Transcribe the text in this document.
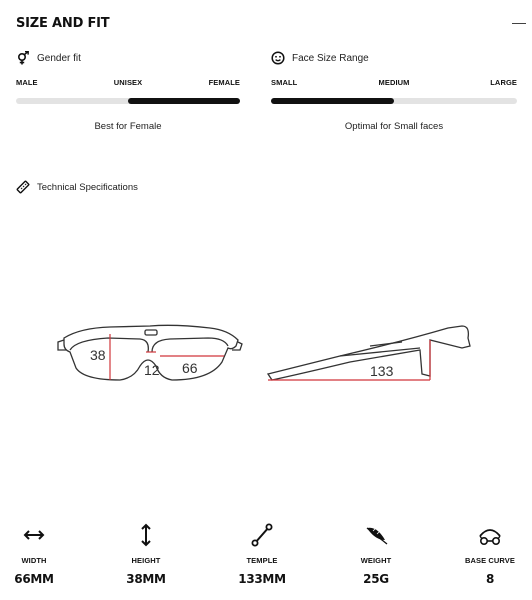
SIZE AND FIT	—
Gender fit
MALE	UNISEX	FEMALE
Best for Female
Face Size Range
SMALL	MEDIUM	LARGE
Optimal for Small faces
Technical Specifications
38
12 66	133
WIDTH
66MM
HEIGHT
38MM
TEMPLE
133MM
WEIGHT
25G
BASE CURVE
8
